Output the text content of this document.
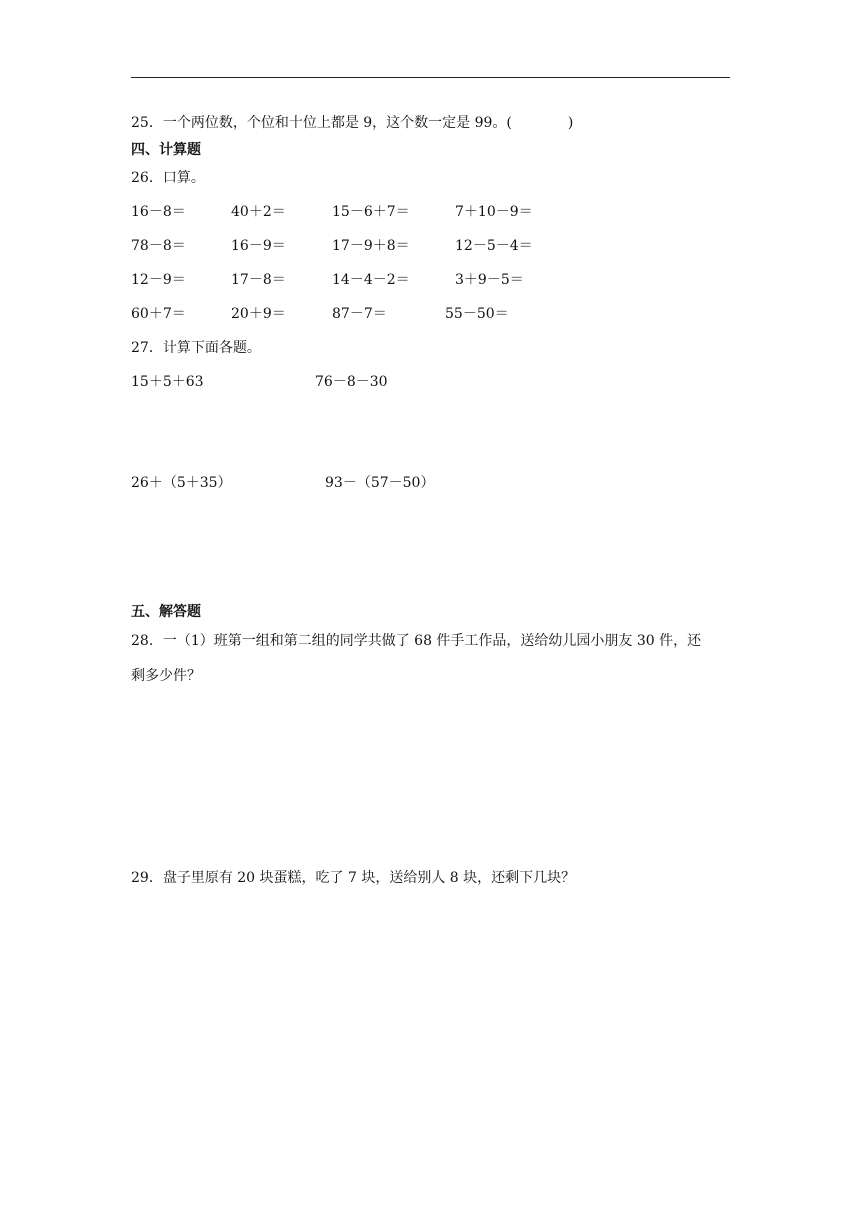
25．一个两位数，个位和十位上都是 9，这个数一定是 99。(　　　　)
四、计算题
26．口算。
16－8＝	40＋2＝	15－6＋7＝	7＋10－9＝
78－8＝	16－9＝	17－9＋8＝	12－5－4＝
12－9＝	17－8＝	14－4－2＝	3＋9－5＝
60＋7＝	20＋9＝	87－7＝	55－50＝
27．计算下面各题。
15＋5＋63	76－8－30
26＋（5＋35）	93－（57－50）
五、解答题
28．一（1）班第一组和第二组的同学共做了 68 件手工作品，送给幼儿园小朋友 30 件，还
剩多少件？
29．盘子里原有 20 块蛋糕，吃了 7 块，送给别人 8 块，还剩下几块？
